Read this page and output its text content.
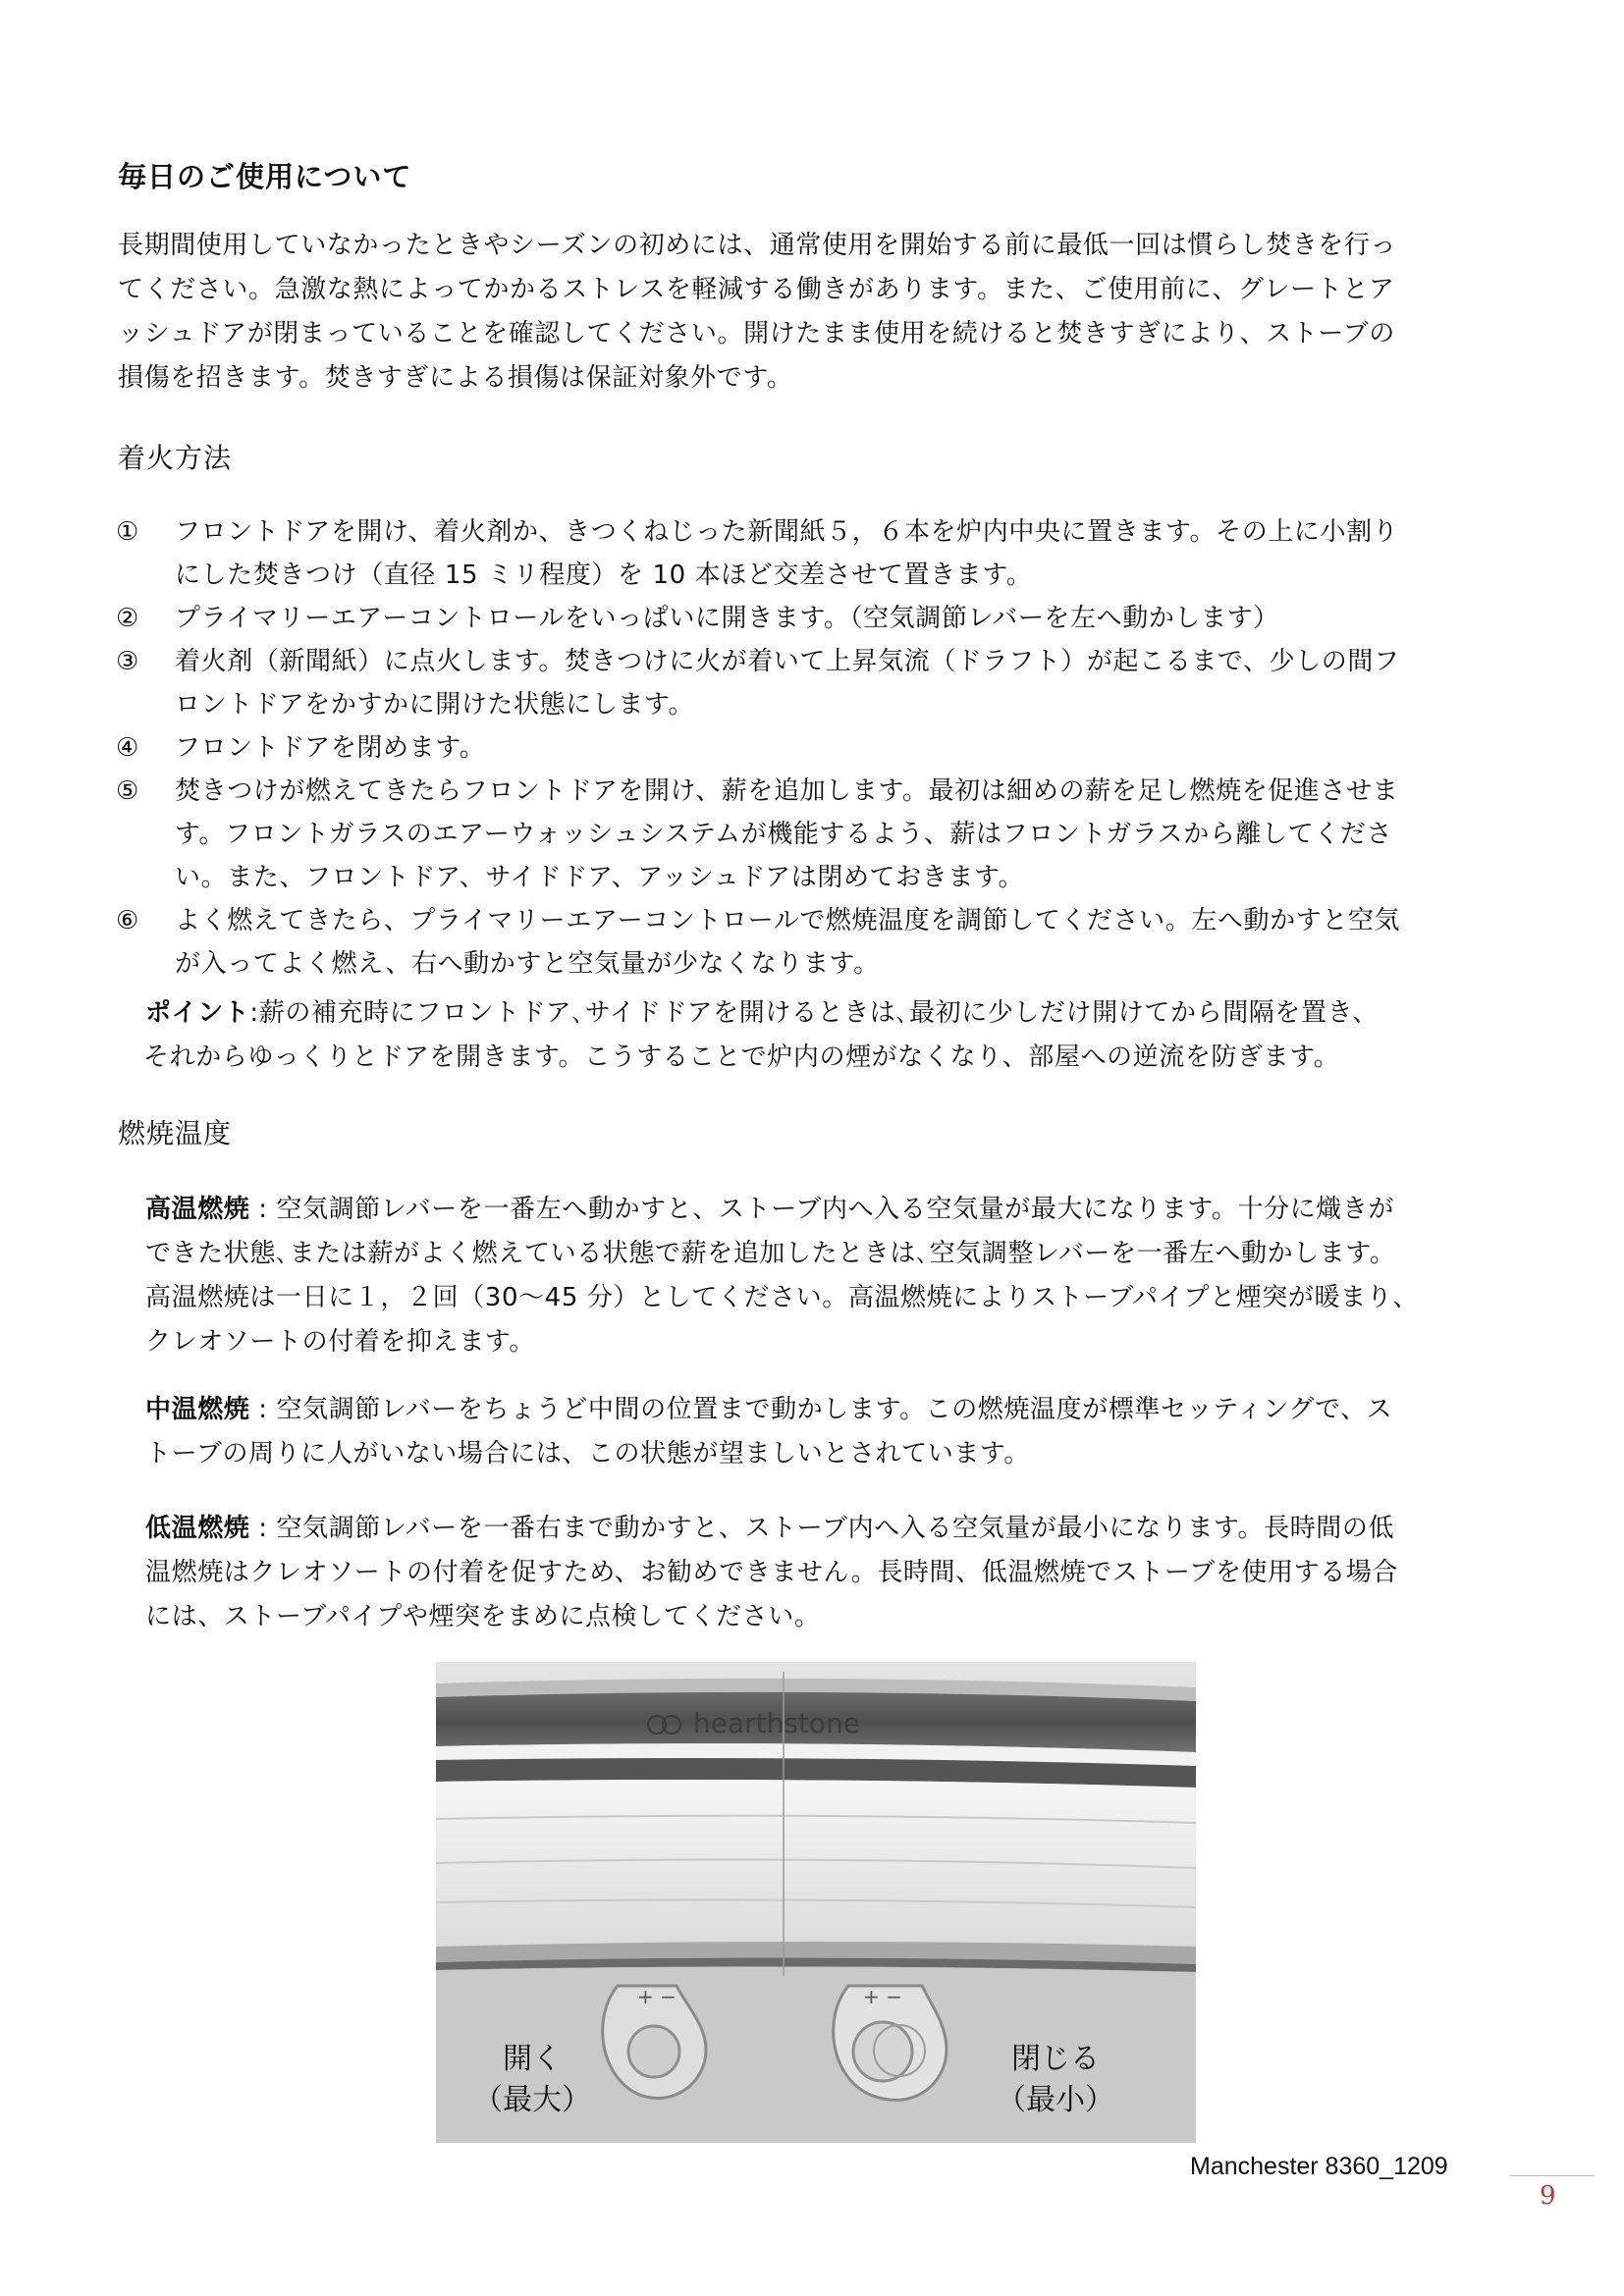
毎日のご使用について
長期間使用していなかったときやシーズンの初めには、通常使用を開始する前に最低一回は慣らし焚きを行っ
てください。急激な熱によってかかるストレスを軽減する働きがあります。また、ご使用前に、グレートとア
ッシュドアが閉まっていることを確認してください。開けたまま使用を続けると焚きすぎにより、ストーブの
損傷を招きます。焚きすぎによる損傷は保証対象外です。
着火方法
①	フロントドアを開け、着火剤か、きつくねじった新聞紙５，６本を炉内中央に置きます。その上に小割り
にした焚きつけ（直径 15 ミリ程度）を 10 本ほど交差させて置きます。
②	プライマリーエアーコントロールをいっぱいに開きます。（空気調節レバーを左へ動かします）
③	着火剤（新聞紙）に点火します。焚きつけに火が着いて上昇気流（ドラフト）が起こるまで、少しの間フ
ロントドアをかすかに開けた状態にします。
④	フロントドアを閉めます。
⑤	焚きつけが燃えてきたらフロントドアを開け、薪を追加します。最初は細めの薪を足し燃焼を促進させま
す。フロントガラスのエアーウォッシュシステムが機能するよう、薪はフロントガラスから離してくださ
い。また、フロントドア、サイドドア、アッシュドアは閉めておきます。
⑥	よく燃えてきたら、プライマリーエアーコントロールで燃焼温度を調節してください。左へ動かすと空気
が入ってよく燃え、右へ動かすと空気量が少なくなります。
ポイント:薪の補充時にフロントドア､サイドドアを開けるときは､最初に少しだけ開けてから間隔を置き、
それからゆっくりとドアを開きます。こうすることで炉内の煙がなくなり、部屋への逆流を防ぎます。
燃焼温度
高温燃焼 : 空気調節レバーを一番左へ動かすと、ストーブ内へ入る空気量が最大になります。十分に熾きが
できた状態､または薪がよく燃えている状態で薪を追加したときは､空気調整レバーを一番左へ動かします。
高温燃焼は一日に１，２回（30～45 分）としてください。高温燃焼によりストーブパイプと煙突が暖まり、
クレオソートの付着を抑えます。
中温燃焼 : 空気調節レバーをちょうど中間の位置まで動かします。この燃焼温度が標準セッティングで、ス
トーブの周りに人がいない場合には、この状態が望ましいとされています。
低温燃焼 : 空気調節レバーを一番右まで動かすと、ストーブ内へ入る空気量が最小になります。長時間の低
温燃焼はクレオソートの付着を促すため、お勧めできません。長時間、低温燃焼でストーブを使用する場合
には、ストーブパイプや煙突をまめに点検してください。
hearthstone
+ −	+ −
開く
（最大）
閉じる
（最小）
Manchester 8360_1209
9
